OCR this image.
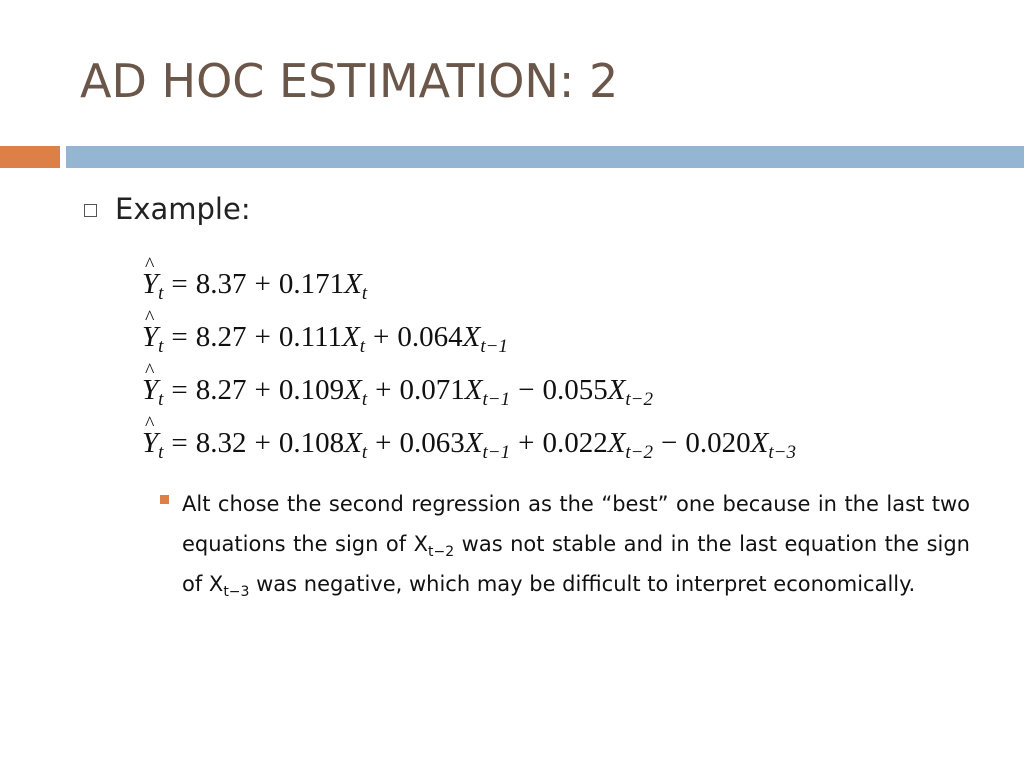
AD HOC ESTIMATION: 2
Example:
^ $Y_t = 8.37 + 0.171X_t$
^ $Y_t = 8.27 + 0.111X_t + 0.064X_{t-1}$
^ $Y_t = 8.27 + 0.109X_t + 0.071X_{t-1} - 0.055X_{t-2}$
^ $Y_t = 8.32 + 0.108X_t + 0.063X_{t-1} + 0.022X_{t-2} - 0.020X_{t-3}$
Alt chose the second regression as the “best” one because in the last two equations the sign of $X_{t-2}$ was not stable and in the last equation the sign of $X_{t-3}$ was negative, which may be difficult to interpret economically.
